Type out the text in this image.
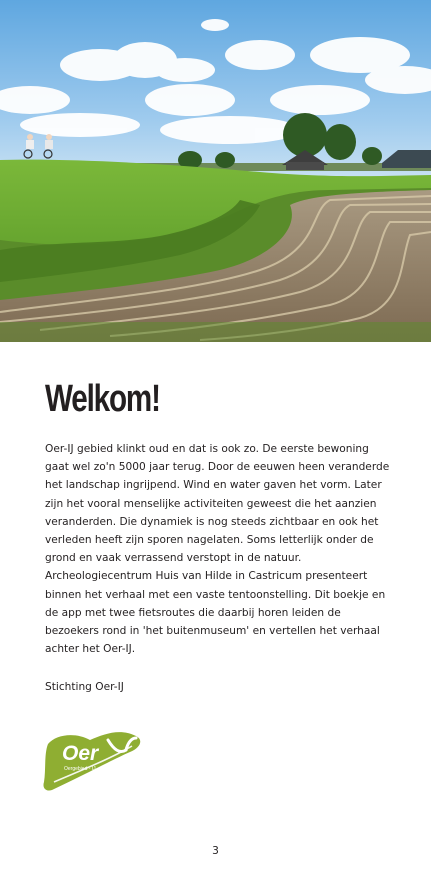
Welkom!

Oer-IJ gebied klinkt oud en dat is ook zo. De eerste bewoning gaat wel zo'n 5000 jaar terug. Door de eeuwen heen veranderde het landschap ingrijpend. Wind en water gaven het vorm. Later zijn het vooral menselijke activiteiten geweest die het aanzien veranderden. Die dynamiek is nog steeds zichtbaar en ook het verleden heeft zijn sporen nagelaten. Soms letterlijk onder de grond en vaak verrassend verstopt in de natuur.

Archeologiecentrum Huis van Hilde in Castricum presenteert binnen het verhaal met een vaste tentoonstelling. Dit boekje en de app met twee fietsroutes die daarbij horen leiden de bezoekers rond in 'het buitenmuseum' en vertellen het verhaal achter het Oer-IJ.

Stichting Oer-IJ
Oer
Oergebied - IJ
3
